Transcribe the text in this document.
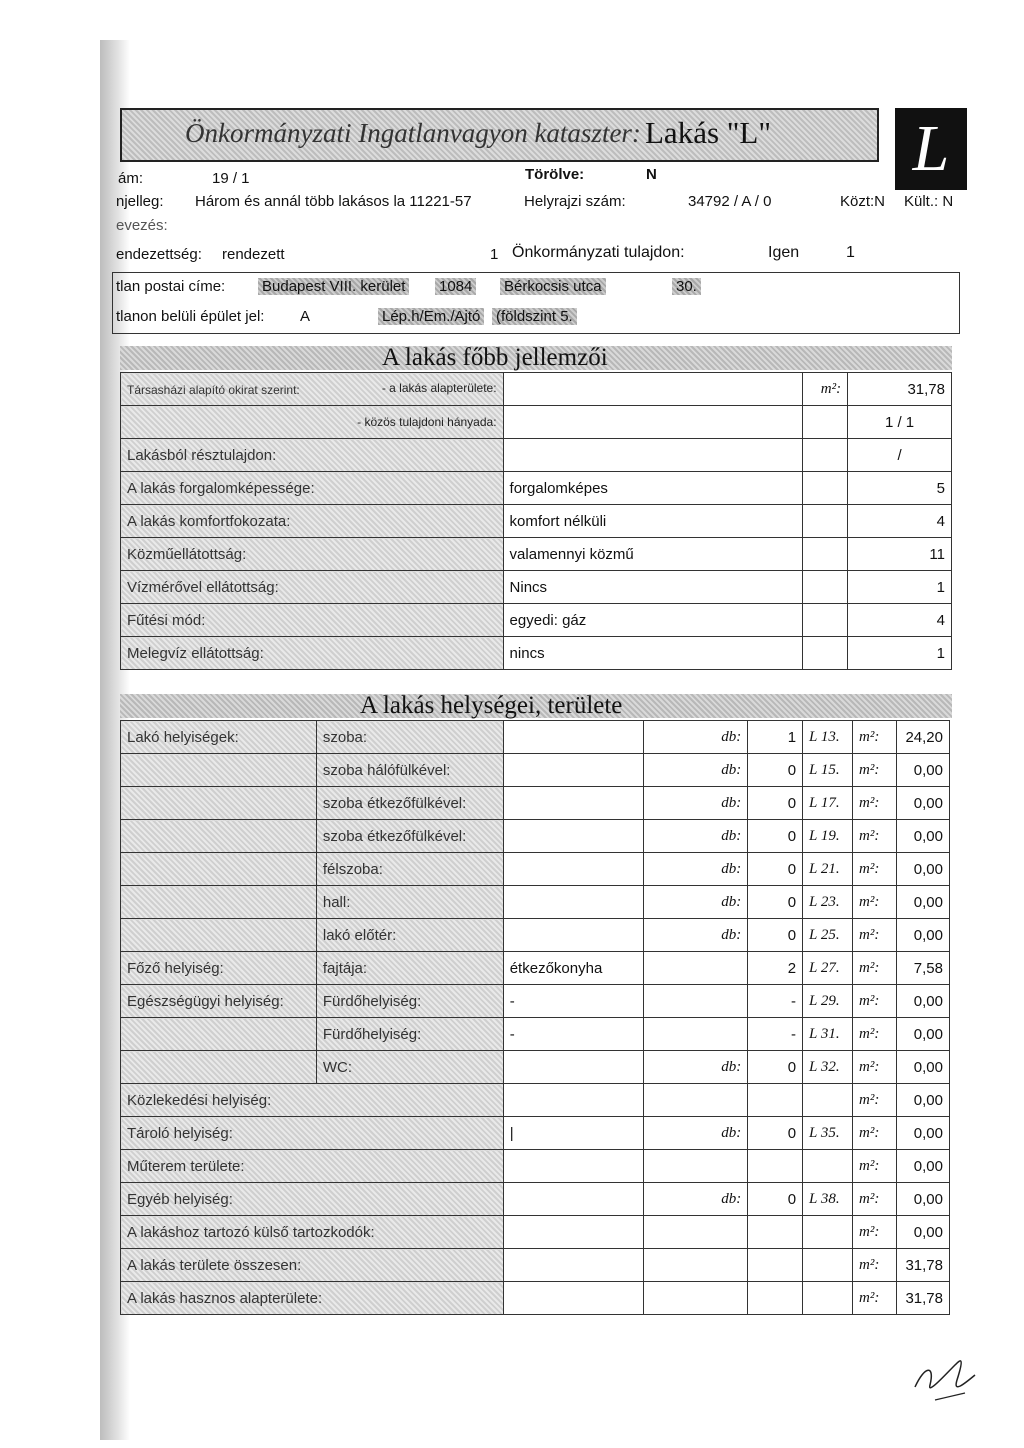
Önkormányzati Ingatlanvagyon kataszter: Lakás "L" L
ám:	19 / 1	Törölve:	N
njelleg: Három és annál több lakásos la 11221-57	Helyrajzi szám:	34792 / A / 0	Közt:N Kült.: N
evezés:
endezettség: rendezett	1 Önkormányzati tulajdon:	Igen	1
tlan postai címe: Budapest VIII. kerület 1084 Bérkocsis utca	30.
tlanon belüli épület jel: A	Lép.h/Em./Ajtó (földszint 5.
A lakás főbb jellemzői
Társasházi alapító okirat szerint: - a lakás alapterülete:		m²:	31,78

- közös tulajdoni hányada:			1 / 1
Lakásból résztulajdon:			/
A lakás forgalomképessége:	forgalomképes		5
A lakás komfortfokozata:	komfort nélküli		4
Közműellátottság:	valamennyi közmű		11
Vízmérővel ellátottság:	Nincs		1
Fűtési mód:	egyedi: gáz		4
Melegvíz ellátottság:	nincs		1
A lakás helységei, területe
Lakó helyiségek:	szoba:		db:	1	L 13.	m²:	24,20
	szoba hálófülkével:		db:	0	L 15.	m²:	0,00
	szoba étkezőfülkével:		db:	0	L 17.	m²:	0,00
	szoba étkezőfülkével:		db:	0	L 19.	m²:	0,00
	félszoba:		db:	0	L 21.	m²:	0,00
	hall:		db:	0	L 23.	m²:	0,00
	lakó előtér:		db:	0	L 25.	m²:	0,00
Főző helyiség:	fajtája:	étkezőkonyha		2	L 27.	m²:	7,58
Egészségügyi helyiség:	Fürdőhelyiség:	-		-	L 29.	m²:	0,00
	Fürdőhelyiség:	-		-	L 31.	m²:	0,00
	WC:		db:	0	L 32.	m²:	0,00
Közlekedési helyiség:						m²:	0,00
Tároló helyiség:		|	db:	0	L 35.	m²:	0,00
Műterem területe:						m²:	0,00
Egyéb helyiség:			db:	0	L 38.	m²:	0,00
A lakáshoz tartozó külső tartozkodók:						m²:	0,00
A lakás területe összesen:						m²:	31,78
A lakás hasznos alapterülete:						m²:	31,78
